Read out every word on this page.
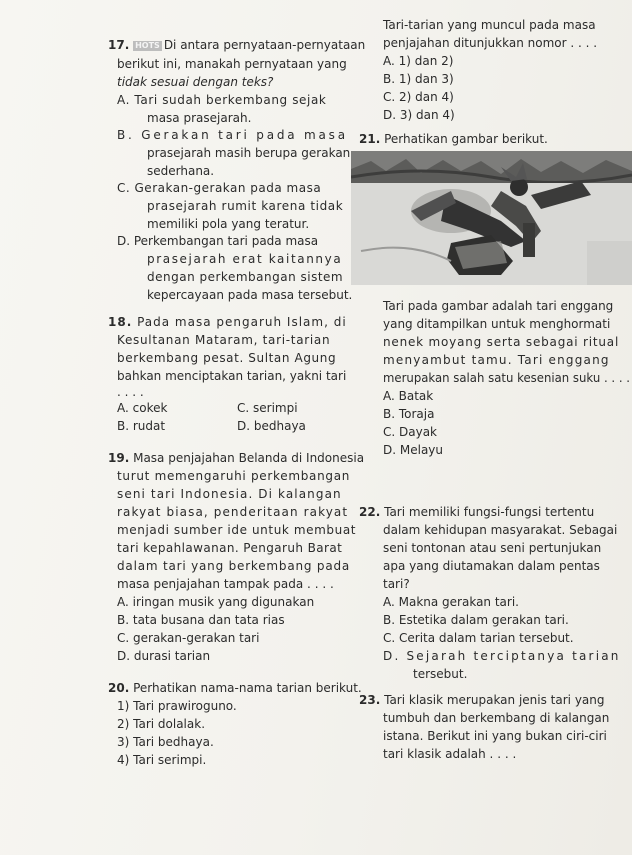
17. HOTS Di antara pernyataan-pernyataan
berikut ini, manakah pernyataan yang
tidak sesuai dengan teks?
A. Tari sudah berkembang sejak
masa prasejarah.
B. Gerakan tari pada masa
prasejarah masih berupa gerakan
sederhana.
C. Gerakan-gerakan pada masa
prasejarah rumit karena tidak
memiliki pola yang teratur.
D. Perkembangan tari pada masa
prasejarah erat kaitannya
dengan perkembangan sistem
kepercayaan pada masa tersebut.
18. Pada masa pengaruh Islam, di
Kesultanan Mataram, tari-tarian
berkembang pesat. Sultan Agung
bahkan menciptakan tarian, yakni tari
. . . .
A. cokek	C. serimpi
B. rudat	D. bedhaya
19. Masa penjajahan Belanda di Indonesia
turut memengaruhi perkembangan
seni tari Indonesia. Di kalangan
rakyat biasa, penderitaan rakyat
menjadi sumber ide untuk membuat
tari kepahlawanan. Pengaruh Barat
dalam tari yang berkembang pada
masa penjajahan tampak pada . . . .
A. iringan musik yang digunakan
B. tata busana dan tata rias
C. gerakan-gerakan tari
D. durasi tarian
20. Perhatikan nama-nama tarian berikut.
1) Tari prawiroguno.
2) Tari dolalak.
3) Tari bedhaya.
4) Tari serimpi.
Tari-tarian yang muncul pada masa
penjajahan ditunjukkan nomor . . . .
A. 1) dan 2)
B. 1) dan 3)
C. 2) dan 4)
D. 3) dan 4)
21. Perhatikan gambar berikut.
Tari pada gambar adalah tari enggang
yang ditampilkan untuk menghormati
nenek moyang serta sebagai ritual
menyambut tamu. Tari enggang
merupakan salah satu kesenian suku . . . .
A. Batak
B. Toraja
C. Dayak
D. Melayu
22. Tari memiliki fungsi-fungsi tertentu
dalam kehidupan masyarakat. Sebagai
seni tontonan atau seni pertunjukan
apa yang diutamakan dalam pentas
tari?
A. Makna gerakan tari.
B. Estetika dalam gerakan tari.
C. Cerita dalam tarian tersebut.
D. Sejarah terciptanya tarian
tersebut.
23. Tari klasik merupakan jenis tari yang
tumbuh dan berkembang di kalangan
istana. Berikut ini yang bukan ciri-ciri
tari klasik adalah . . . .
